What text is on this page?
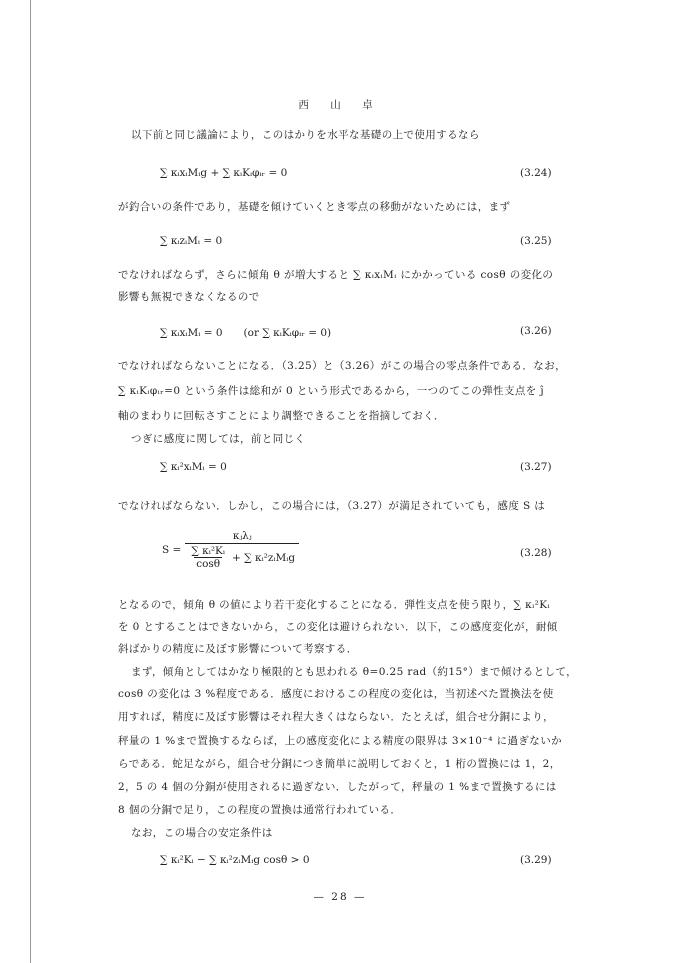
西 山 卓
以下前と同じ議論により，このはかりを水平な基礎の上で使用するなら
∑ κᵢxᵢMᵢg + ∑ κᵢKᵢφᵢᵣ = 0	(3.24)
が釣合いの条件であり，基礎を傾けていくとき零点の移動がないためには，まず
∑ κᵢzᵢMᵢ = 0	(3.25)
でなければならず，さらに傾角 θ が増大すると ∑ κᵢxᵢMᵢ にかかっている cosθ の変化の
影響も無視できなくなるので
∑ κᵢxᵢMᵢ = 0　　(or ∑ κᵢKᵢφᵢᵣ = 0)	(3.26)
でなければならないことになる．（3.25）と（3.26）がこの場合の零点条件である．なお，
∑ κᵢKᵢφᵢᵣ=0 という条件は総和が 0 という形式であるから，一つのてこの弾性支点を ĵ
軸のまわりに回転さすことにより調整できることを指摘しておく．
つぎに感度に関しては，前と同じく
∑ κᵢ²xᵢMᵢ = 0	(3.27)
でなければならない．しかし，この場合には，（3.27）が満足されていても，感度 S は
$S = \frac{\text{κⱼλⱼ}}{\frac{\text{∑ κᵢ²Kᵢ}}{\cos\theta} + \sum \kappa ᵢ^2zᵢMᵢg}$	(3.28)
となるので，傾角 θ の値により若干変化することになる．弾性支点を使う限り，∑ κᵢ²Kᵢ
を 0 とすることはできないから，この変化は避けられない．以下，この感度変化が，耐傾
斜ばかりの精度に及ぼす影響について考察する．
まず，傾角としてはかなり極限的とも思われる θ=0.25 rad（約15°）まで傾けるとして，
cosθ の変化は 3 %程度である．感度におけるこの程度の変化は，当初述べた置換法を使
用すれば，精度に及ぼす影響はそれ程大きくはならない．たとえば，組合せ分銅により，
秤量の 1 %まで置換するならば，上の感度変化による精度の限界は 3×10⁻⁴ に過ぎないか
らである．蛇足ながら，組合せ分銅につき簡単に説明しておくと，1 桁の置換には 1，2，
2，5 の 4 個の分銅が使用されるに過ぎない．したがって，秤量の 1 %まで置換するには
8 個の分銅で足り，この程度の置換は通常行われている．
なお，この場合の安定条件は
∑ κᵢ²Kᵢ − ∑ κᵢ²zᵢMᵢg cosθ > 0	(3.29)
— 28 —
